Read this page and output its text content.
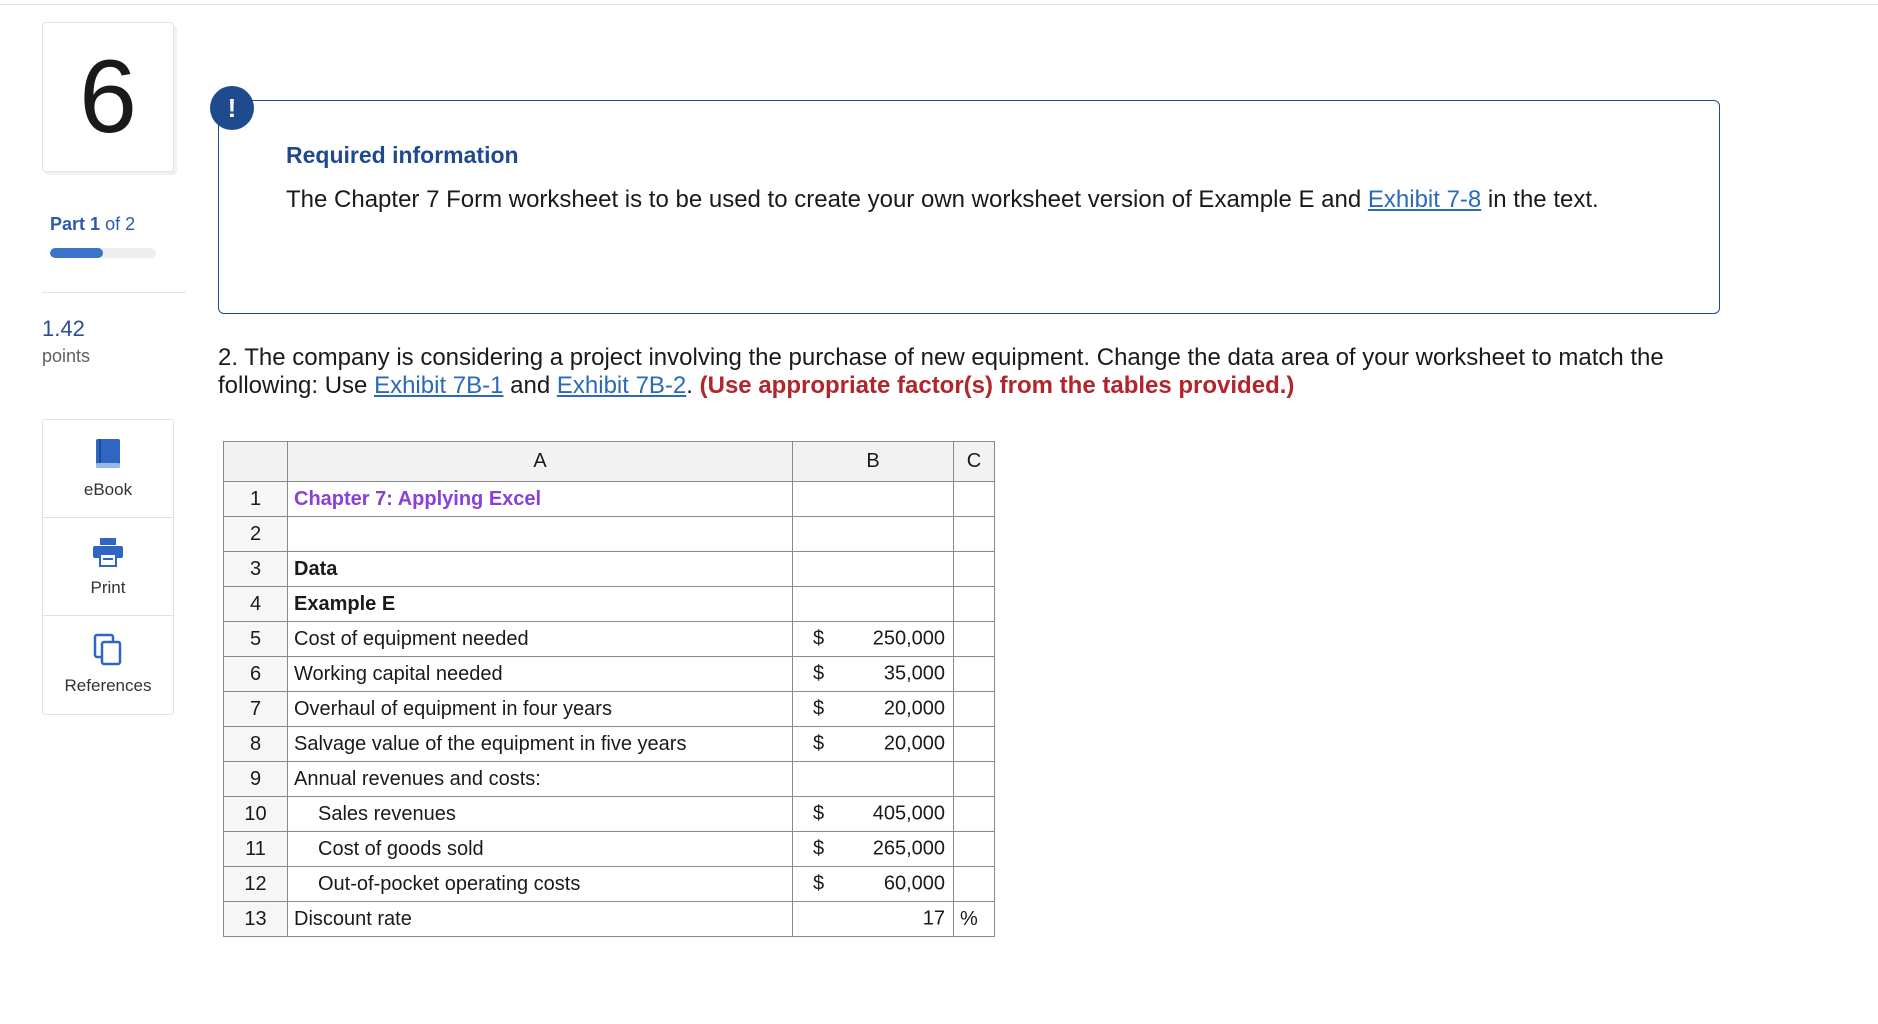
6
Part 1 of 2
1.42
points
eBook
Print
References
!
Required information
The Chapter 7 Form worksheet is to be used to create your own worksheet version of Example E and Exhibit 7-8 in the text.
2. The company is considering a project involving the purchase of new equipment. Change the data area of your worksheet to match the following: Use Exhibit 7B-1 and Exhibit 7B-2. (Use appropriate factor(s) from the tables provided.)
	A	B	C
1	Chapter 7: Applying Excel	

2		

3	Data	

4	Example E	

5	Cost of equipment needed	$ 250,000	

6	Working capital needed	$ 35,000	

7	Overhaul of equipment in four years	$ 20,000	

8	Salvage value of the equipment in five years	$ 20,000	

9	Annual revenues and costs:	

10	Sales revenues	$ 405,000	

11	Cost of goods sold	$ 265,000	

12	Out-of-pocket operating costs	$ 60,000	

13	Discount rate	17	%
